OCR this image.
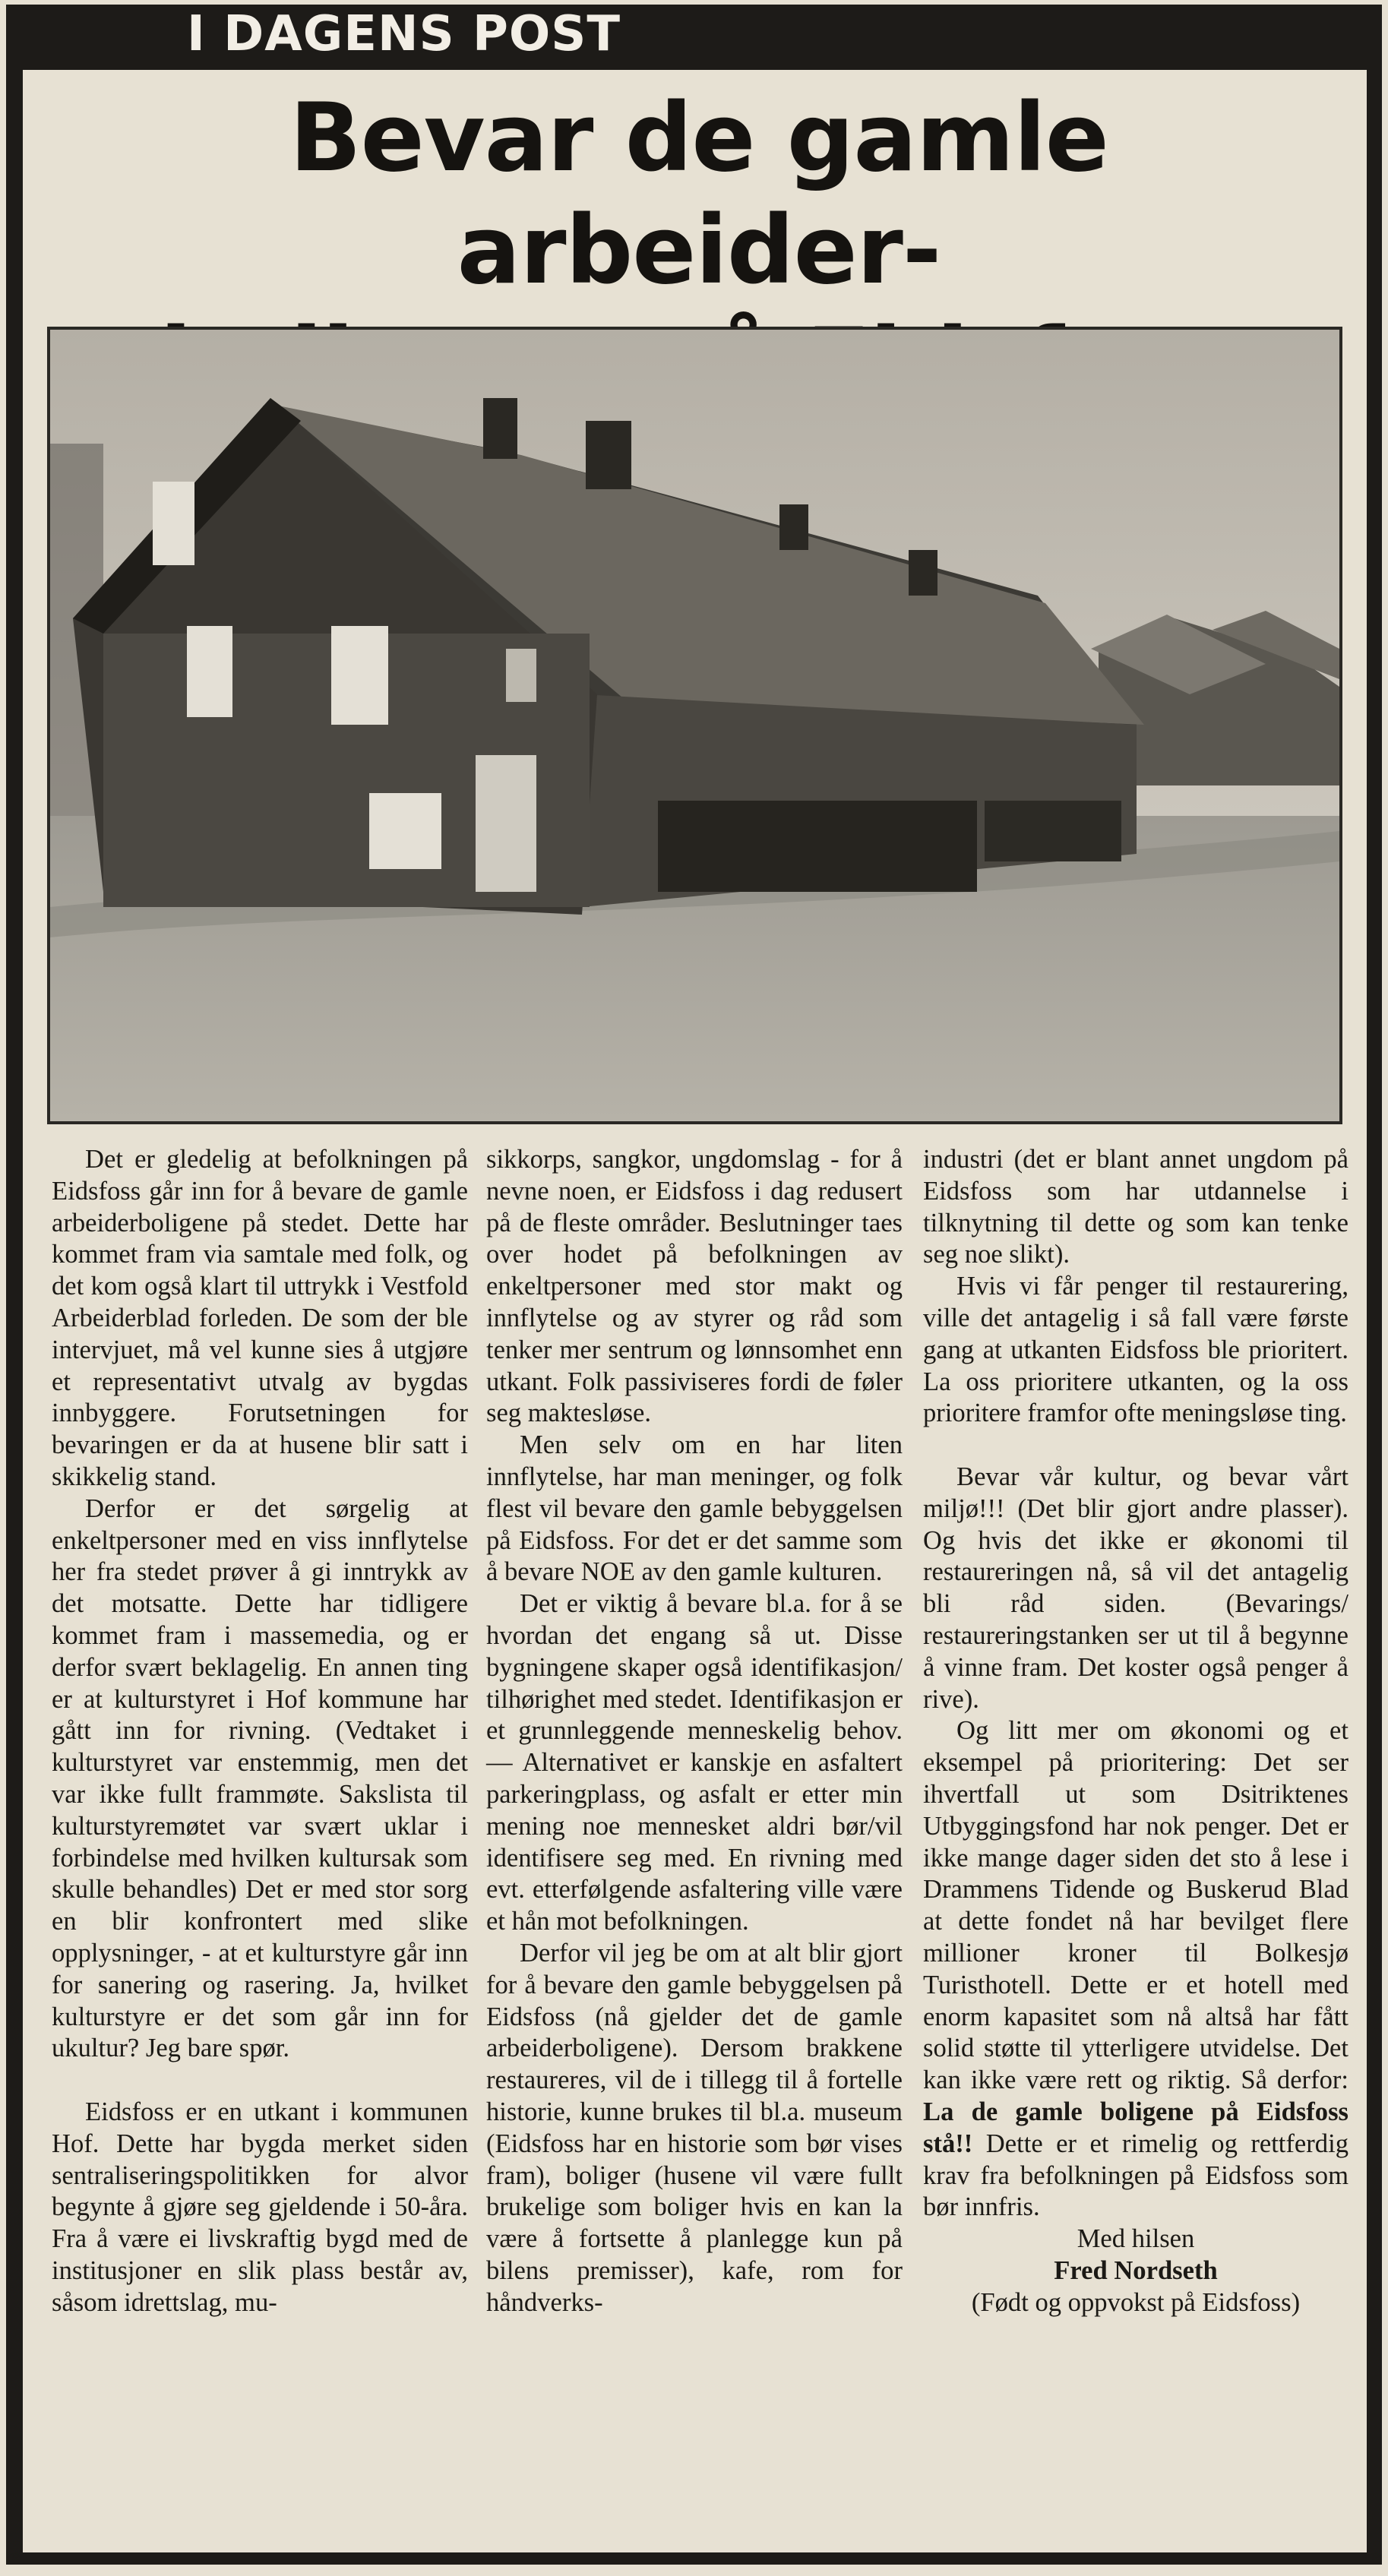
I DAGENS POST
Bevar de gamle arbeider-

Det er gledelig at befolkningen på Eidsfoss går inn for å bevare de gamle arbeiderboligene på stedet. Dette har kommet fram via samtale med folk, og det kom også klart til uttrykk i Vestfold Arbeiderblad forleden. De som der ble intervjuet, må vel kunne sies å utgjøre et representativt utvalg av bygdas innbyggere. Forutsetningen for bevaringen er da at husene blir satt i skikkelig stand.

Derfor er det sørgelig at enkeltpersoner med en viss innflytelse her fra stedet prøver å gi inntrykk av det motsatte. Dette har tidligere kommet fram i massemedia, og er derfor svært beklagelig. En annen ting er at kulturstyret i Hof kommune har gått inn for rivning. (Vedtaket i kulturstyret var enstemmig, men det var ikke fullt frammøte. Sakslista til kulturstyremøtet var svært uklar i forbindelse med hvilken kultursak som skulle behandles) Det er med stor sorg en blir konfrontert med slike opplysninger, - at et kulturstyre går inn for sanering og rasering. Ja, hvilket kulturstyre er det som går inn for ukultur? Jeg bare spør.

Eidsfoss er en utkant i kommunen Hof. Dette har bygda merket siden sentraliseringspolitikken for alvor begynte å gjøre seg gjeldende i 50-åra. Fra å være ei livskraftig bygd med de institusjoner en slik plass består av, såsom idrettslag, mu-

sikkorps, sangkor, ungdomslag - for å nevne noen, er Eidsfoss i dag redusert på de fleste områder. Beslutninger taes over hodet på befolkningen av enkeltpersoner med stor makt og innflytelse og av styrer og råd som tenker mer sentrum og lønnsomhet enn utkant. Folk passiviseres fordi de føler seg maktesløse.

Men selv om en har liten innflytelse, har man meninger, og folk flest vil bevare den gamle bebyggelsen på Eidsfoss. For det er det samme som å bevare NOE av den gamle kulturen.

Det er viktig å bevare bl.a. for å se hvordan det engang så ut. Disse bygningene skaper også identifikasjon/ tilhørighet med stedet. Identifikasjon er et grunnleggende menneskelig behov. — Alternativet er kanskje en asfaltert parkeringplass, og asfalt er etter min mening noe mennesket aldri bør/vil identifisere seg med. En rivning med evt. etterfølgende asfaltering ville være et hån mot befolkningen.

Derfor vil jeg be om at alt blir gjort for å bevare den gamle bebyggelsen på Eidsfoss (nå gjelder det de gamle arbeiderboligene). Dersom brakkene restaureres, vil de i tillegg til å fortelle historie, kunne brukes til bl.a. museum (Eidsfoss har en historie som bør vises fram), boliger (husene vil være fullt brukelige som boliger hvis en kan la være å fortsette å planlegge kun på bilens premisser), kafe, rom for håndverks-

industri (det er blant annet ungdom på Eidsfoss som har utdannelse i tilknytning til dette og som kan tenke seg noe slikt).

Hvis vi får penger til restaurering, ville det antagelig i så fall være første gang at utkanten Eidsfoss ble prioritert. La oss prioritere utkanten, og la oss prioritere framfor ofte meningsløse ting.

Bevar vår kultur, og bevar vårt miljø!!! (Det blir gjort andre plasser). Og hvis det ikke er økonomi til restaureringen nå, så vil det antagelig bli råd siden. (Bevarings/ restaureringstanken ser ut til å begynne å vinne fram. Det koster også penger å rive).

Og litt mer om økonomi og et eksempel på prioritering: Det ser ihvertfall ut som Dsitriktenes Utbyggingsfond har nok penger. Det er ikke mange dager siden det sto å lese i Drammens Tidende og Buskerud Blad at dette fondet nå har bevilget flere millioner kroner til Bolkesjø Turisthotell. Dette er et hotell med enorm kapasitet som nå altså har fått solid støtte til ytterligere utvidelse. Det kan ikke være rett og riktig. Så derfor: La de gamle boligene på Eidsfoss stå!! Dette er et rimelig og rettferdig krav fra befolkningen på Eidsfoss som bør innfris.

Med hilsen

Fred Nordseth

(Født og oppvokst på Eidsfoss)
